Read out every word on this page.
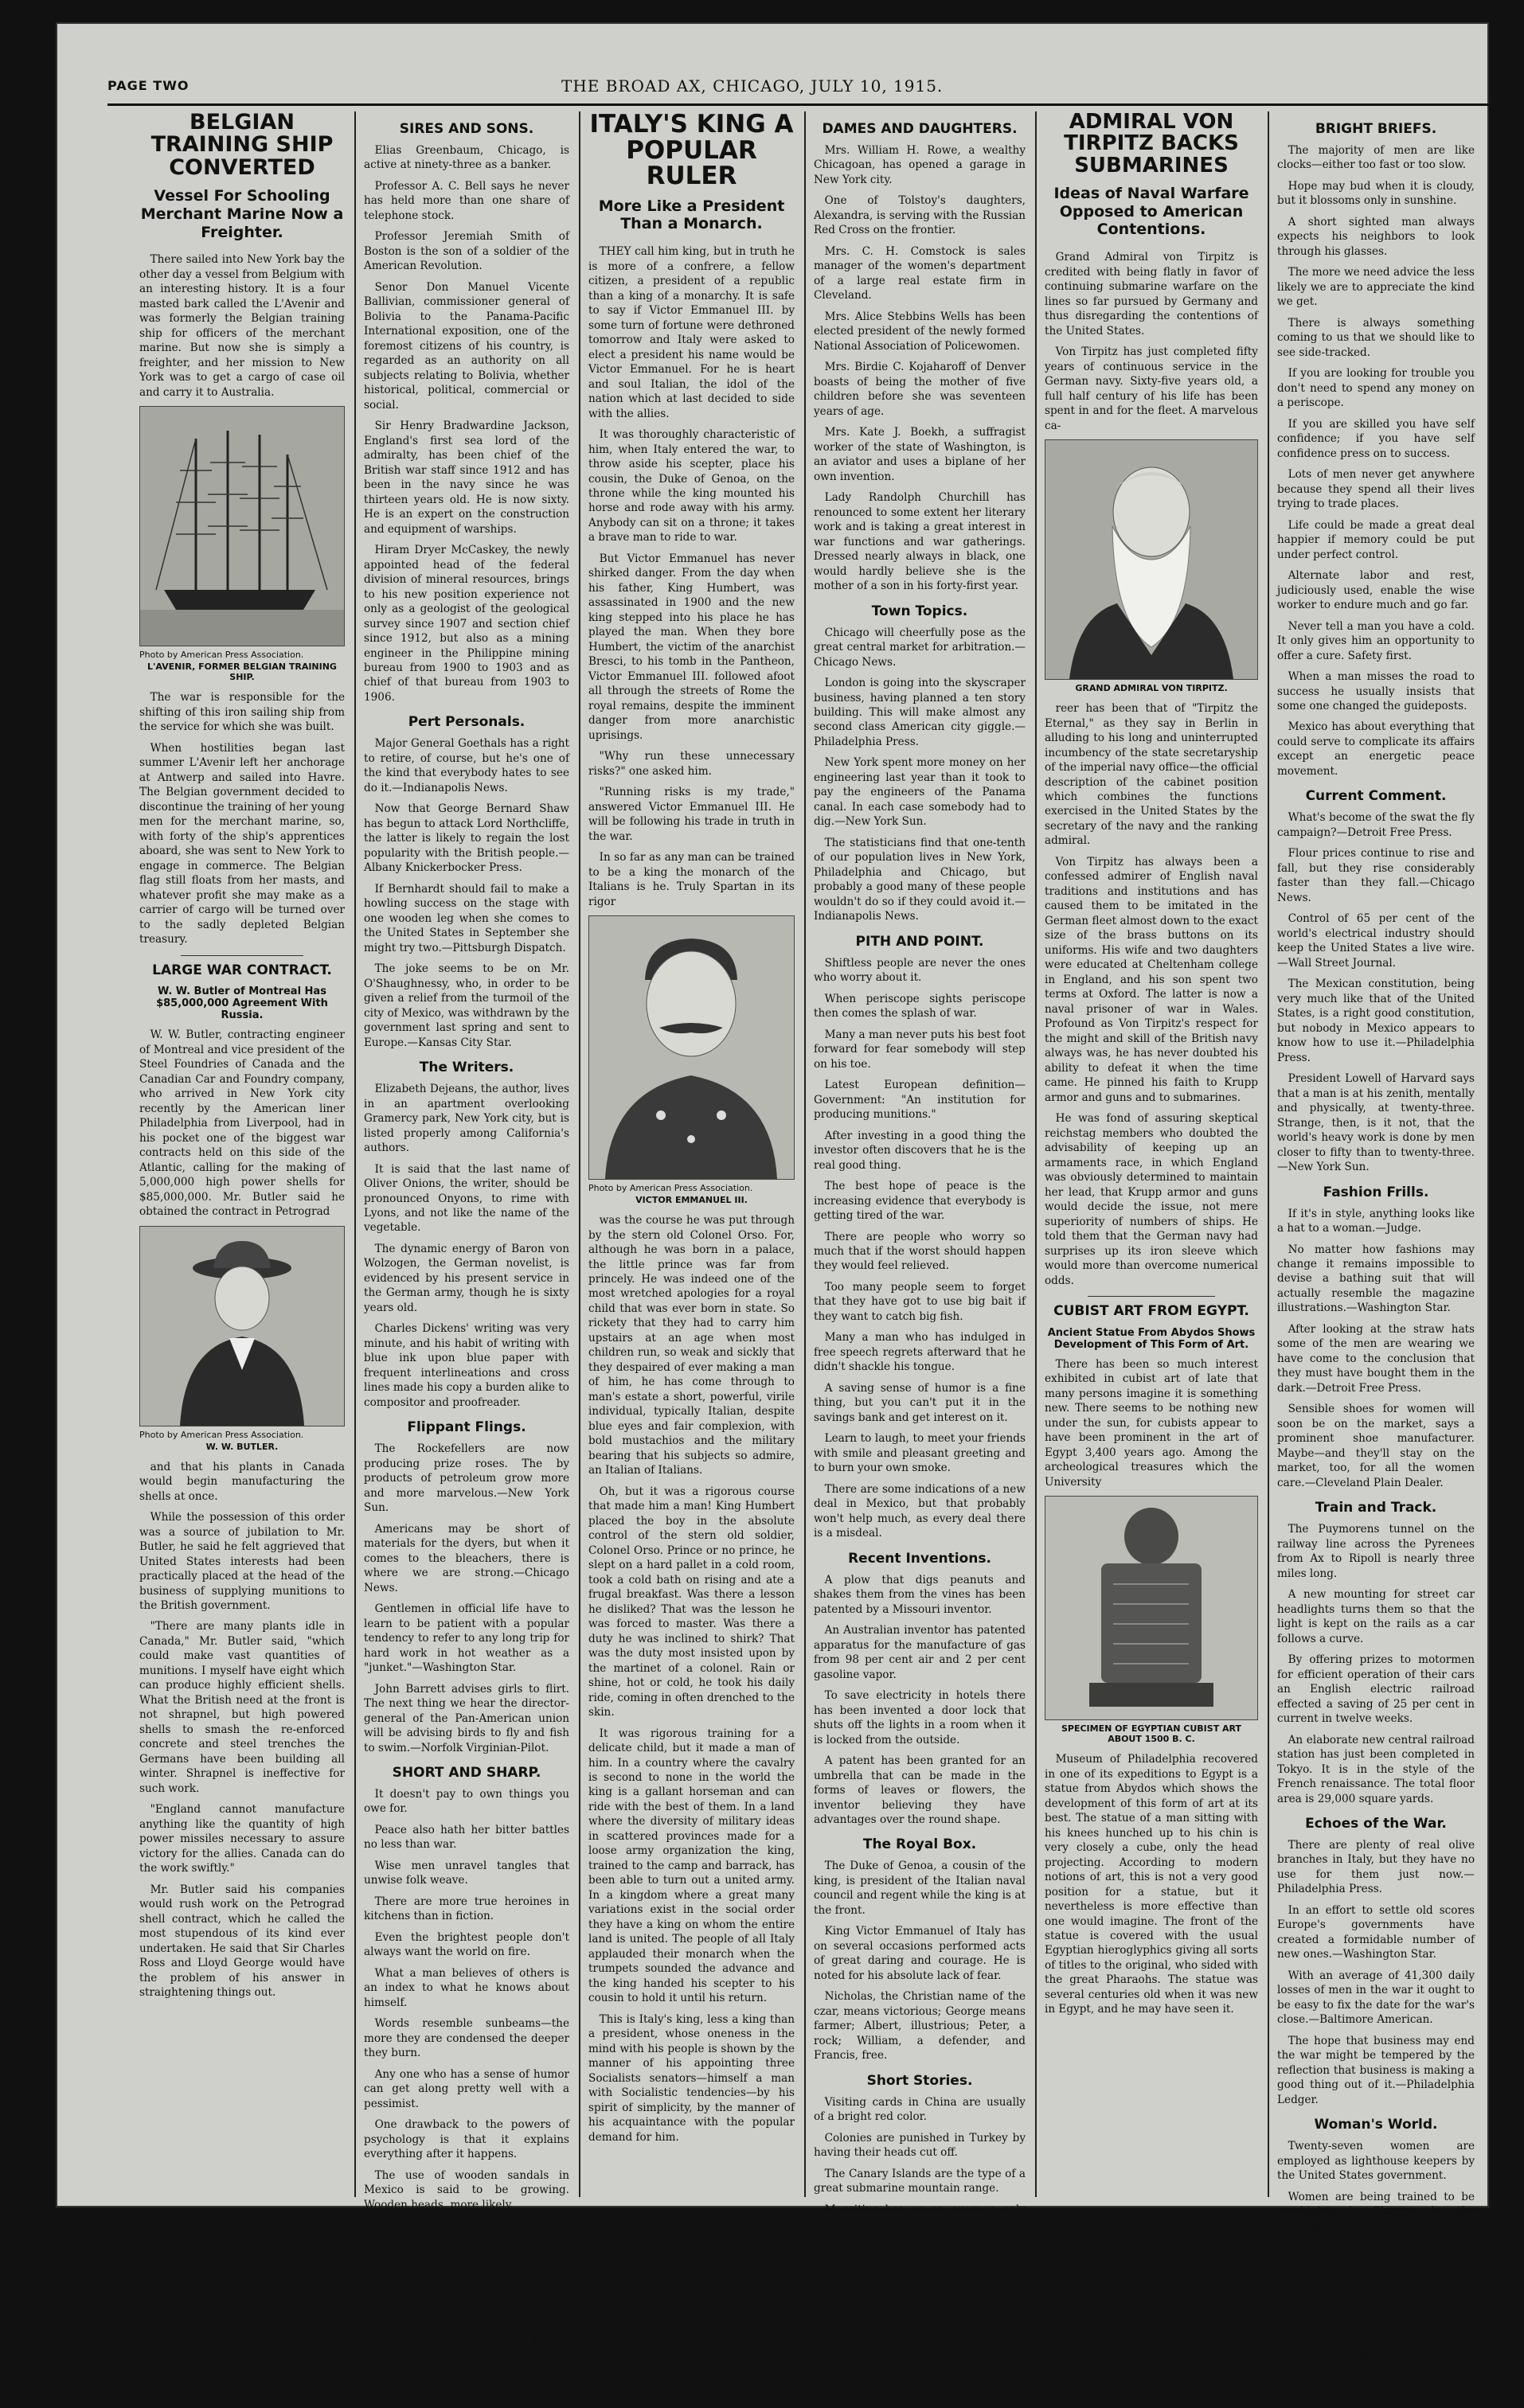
PAGE TWO	THE BROAD AX, CHICAGO, JULY 10, 1915.
BELGIAN TRAINING SHIP CONVERTED
Vessel For Schooling Merchant Marine Now a Freighter.

There sailed into New York bay the other day a vessel from Belgium with an interesting history. It is a four masted bark called the L'Avenir and was formerly the Belgian training ship for officers of the merchant marine. But now she is simply a freighter, and her mission to New York was to get a cargo of case oil and carry it to Australia.

Photo by American Press Association.
L'AVENIR, FORMER BELGIAN TRAINING SHIP.

The war is responsible for the shifting of this iron sailing ship from the service for which she was built.

When hostilities began last summer L'Avenir left her anchorage at Antwerp and sailed into Havre. The Belgian government decided to discontinue the training of her young men for the merchant marine, so, with forty of the ship's apprentices aboard, she was sent to New York to engage in commerce. The Belgian flag still floats from her masts, and whatever profit she may make as a carrier of cargo will be turned over to the sadly depleted Belgian treasury.

LARGE WAR CONTRACT.
W. W. Butler of Montreal Has $85,000,000 Agreement With Russia.

W. W. Butler, contracting engineer of Montreal and vice president of the Steel Foundries of Canada and the Canadian Car and Foundry company, who arrived in New York city recently by the American liner Philadelphia from Liverpool, had in his pocket one of the biggest war contracts held on this side of the Atlantic, calling for the making of 5,000,000 high power shells for $85,000,000. Mr. Butler said he obtained the contract in Petrograd

Photo by American Press Association.
W. W. BUTLER.

and that his plants in Canada would begin manufacturing the shells at once.

While the possession of this order was a source of jubilation to Mr. Butler, he said he felt aggrieved that United States interests had been practically placed at the head of the business of supplying munitions to the British government.

"There are many plants idle in Canada," Mr. Butler said, "which could make vast quantities of munitions. I myself have eight which can produce highly efficient shells. What the British need at the front is not shrapnel, but high powered shells to smash the re-enforced concrete and steel trenches the Germans have been building all winter. Shrapnel is ineffective for such work.

"England cannot manufacture anything like the quantity of high power missiles necessary to assure victory for the allies. Canada can do the work swiftly."

Mr. Butler said his companies would rush work on the Petrograd shell contract, which he called the most stupendous of its kind ever undertaken. He said that Sir Charles Ross and Lloyd George would have the problem of his answer in straightening things out.

SIRES AND SONS.

Elias Greenbaum, Chicago, is active at ninety-three as a banker.

Professor A. C. Bell says he never has held more than one share of telephone stock.

Professor Jeremiah Smith of Boston is the son of a soldier of the American Revolution.

Senor Don Manuel Vicente Ballivian, commissioner general of Bolivia to the Panama-Pacific International exposition, one of the foremost citizens of his country, is regarded as an authority on all subjects relating to Bolivia, whether historical, political, commercial or social.

Sir Henry Bradwardine Jackson, England's first sea lord of the admiralty, has been chief of the British war staff since 1912 and has been in the navy since he was thirteen years old. He is now sixty. He is an expert on the construction and equipment of warships.

Hiram Dryer McCaskey, the newly appointed head of the federal division of mineral resources, brings to his new position experience not only as a geologist of the geological survey since 1907 and section chief since 1912, but also as a mining engineer in the Philippine mining bureau from 1900 to 1903 and as chief of that bureau from 1903 to 1906.

Pert Personals.

Major General Goethals has a right to retire, of course, but he's one of the kind that everybody hates to see do it.—Indianapolis News.

Now that George Bernard Shaw has begun to attack Lord Northcliffe, the latter is likely to regain the lost popularity with the British people.—Albany Knickerbocker Press.

If Bernhardt should fail to make a howling success on the stage with one wooden leg when she comes to the United States in September she might try two.—Pittsburgh Dispatch.

The joke seems to be on Mr. O'Shaughnessy, who, in order to be given a relief from the turmoil of the city of Mexico, was withdrawn by the government last spring and sent to Europe.—Kansas City Star.

The Writers.

Elizabeth Dejeans, the author, lives in an apartment overlooking Gramercy park, New York city, but is listed properly among California's authors.

It is said that the last name of Oliver Onions, the writer, should be pronounced Onyons, to rime with Lyons, and not like the name of the vegetable.

The dynamic energy of Baron von Wolzogen, the German novelist, is evidenced by his present service in the German army, though he is sixty years old.

Charles Dickens' writing was very minute, and his habit of writing with blue ink upon blue paper with frequent interlineations and cross lines made his copy a burden alike to compositor and proofreader.

Flippant Flings.

The Rockefellers are now producing prize roses. The by products of petroleum grow more and more marvelous.—New York Sun.

Americans may be short of materials for the dyers, but when it comes to the bleachers, there is where we are strong.—Chicago News.

Gentlemen in official life have to learn to be patient with a popular tendency to refer to any long trip for hard work in hot weather as a "junket."—Washington Star.

John Barrett advises girls to flirt. The next thing we hear the director-general of the Pan-American union will be advising birds to fly and fish to swim.—Norfolk Virginian-Pilot.

SHORT AND SHARP.

It doesn't pay to own things you owe for.

Peace also hath her bitter battles no less than war.

Wise men unravel tangles that unwise folk weave.

There are more true heroines in kitchens than in fiction.

Even the brightest people don't always want the world on fire.

What a man believes of others is an index to what he knows about himself.

Words resemble sunbeams—the more they are condensed the deeper they burn.

Any one who has a sense of humor can get along pretty well with a pessimist.

One drawback to the powers of psychology is that it explains everything after it happens.

The use of wooden sandals in Mexico is said to be growing. Wooden heads, more likely.

Elocution may be a good thing, but it doesn't go far enough. It merely teaches us how to speak, not when.

If the belligerents fight themselves to the point of exhaustion the folly of war will be effectively demonstrated.

Switzerland also protests against the war's being allowed to disturb business. It needs the money just as badly as we do, and maybe worse.

ITALY'S KING A POPULAR RULER
More Like a President Than a Monarch.

THEY call him king, but in truth he is more of a confrere, a fellow citizen, a president of a republic than a king of a monarchy. It is safe to say if Victor Emmanuel III. by some turn of fortune were dethroned tomorrow and Italy were asked to elect a president his name would be Victor Emmanuel. For he is heart and soul Italian, the idol of the nation which at last decided to side with the allies.

It was thoroughly characteristic of him, when Italy entered the war, to throw aside his scepter, place his cousin, the Duke of Genoa, on the throne while the king mounted his horse and rode away with his army. Anybody can sit on a throne; it takes a brave man to ride to war.

But Victor Emmanuel has never shirked danger. From the day when his father, King Humbert, was assassinated in 1900 and the new king stepped into his place he has played the man. When they bore Humbert, the victim of the anarchist Bresci, to his tomb in the Pantheon, Victor Emmanuel III. followed afoot all through the streets of Rome the royal remains, despite the imminent danger from more anarchistic uprisings.

"Why run these unnecessary risks?" one asked him.

"Running risks is my trade," answered Victor Emmanuel III. He will be following his trade in truth in the war.

In so far as any man can be trained to be a king the monarch of the Italians is he. Truly Spartan in its rigor

Photo by American Press Association.
VICTOR EMMANUEL III.

was the course he was put through by the stern old Colonel Orso. For, although he was born in a palace, the little prince was far from princely. He was indeed one of the most wretched apologies for a royal child that was ever born in state. So rickety that they had to carry him upstairs at an age when most children run, so weak and sickly that they despaired of ever making a man of him, he has come through to man's estate a short, powerful, virile individual, typically Italian, despite blue eyes and fair complexion, with bold mustachios and the military bearing that his subjects so admire, an Italian of Italians.

Oh, but it was a rigorous course that made him a man! King Humbert placed the boy in the absolute control of the stern old soldier, Colonel Orso. Prince or no prince, he slept on a hard pallet in a cold room, took a cold bath on rising and ate a frugal breakfast. Was there a lesson he disliked? That was the lesson he was forced to master. Was there a duty he was inclined to shirk? That was the duty most insisted upon by the martinet of a colonel. Rain or shine, hot or cold, he took his daily ride, coming in often drenched to the skin.

It was rigorous training for a delicate child, but it made a man of him. In a country where the cavalry is second to none in the world the king is a gallant horseman and can ride with the best of them. In a land where the diversity of military ideas in scattered provinces made for a loose army organization the king, trained to the camp and barrack, has been able to turn out a united army. In a kingdom where a great many variations exist in the social order they have a king on whom the entire land is united. The people of all Italy applauded their monarch when the trumpets sounded the advance and the king handed his scepter to his cousin to hold it until his return.

This is Italy's king, less a king than a president, whose oneness in the mind with his people is shown by the manner of his appointing three Socialists senators—himself a man with Socialistic tendencies—by his spirit of simplicity, by the manner of his acquaintance with the popular demand for him.

DAMES AND DAUGHTERS.

Mrs. William H. Rowe, a wealthy Chicagoan, has opened a garage in New York city.

One of Tolstoy's daughters, Alexandra, is serving with the Russian Red Cross on the frontier.

Mrs. C. H. Comstock is sales manager of the women's department of a large real estate firm in Cleveland.

Mrs. Alice Stebbins Wells has been elected president of the newly formed National Association of Policewomen.

Mrs. Birdie C. Kojaharoff of Denver boasts of being the mother of five children before she was seventeen years of age.

Mrs. Kate J. Boekh, a suffragist worker of the state of Washington, is an aviator and uses a biplane of her own invention.

Lady Randolph Churchill has renounced to some extent her literary work and is taking a great interest in war functions and war gatherings. Dressed nearly always in black, one would hardly believe she is the mother of a son in his forty-first year.

Town Topics.

Chicago will cheerfully pose as the great central market for arbitration.—Chicago News.

London is going into the skyscraper business, having planned a ten story building. This will make almost any second class American city giggle.—Philadelphia Press.

New York spent more money on her engineering last year than it took to pay the engineers of the Panama canal. In each case somebody had to dig.—New York Sun.

The statisticians find that one-tenth of our population lives in New York, Philadelphia and Chicago, but probably a good many of these people wouldn't do so if they could avoid it.—Indianapolis News.

PITH AND POINT.

Shiftless people are never the ones who worry about it.

When periscope sights periscope then comes the splash of war.

Many a man never puts his best foot forward for fear somebody will step on his toe.

Latest European definition—Government: "An institution for producing munitions."

After investing in a good thing the investor often discovers that he is the real good thing.

The best hope of peace is the increasing evidence that everybody is getting tired of the war.

There are people who worry so much that if the worst should happen they would feel relieved.

Too many people seem to forget that they have got to use big bait if they want to catch big fish.

Many a man who has indulged in free speech regrets afterward that he didn't shackle his tongue.

A saving sense of humor is a fine thing, but you can't put it in the savings bank and get interest on it.

Learn to laugh, to meet your friends with smile and pleasant greeting and to burn your own smoke.

There are some indications of a new deal in Mexico, but that probably won't help much, as every deal there is a misdeal.

Recent Inventions.

A plow that digs peanuts and shakes them from the vines has been patented by a Missouri inventor.

An Australian inventor has patented apparatus for the manufacture of gas from 98 per cent air and 2 per cent gasoline vapor.

To save electricity in hotels there has been invented a door lock that shuts off the lights in a room when it is locked from the outside.

A patent has been granted for an umbrella that can be made in the forms of leaves or flowers, the inventor believing they have advantages over the round shape.

The Royal Box.

The Duke of Genoa, a cousin of the king, is president of the Italian naval council and regent while the king is at the front.

King Victor Emmanuel of Italy has on several occasions performed acts of great daring and courage. He is noted for his absolute lack of fear.

Nicholas, the Christian name of the czar, means victorious; George means farmer; Albert, illustrious; Peter, a rock; William, a defender, and Francis, free.

Short Stories.

Visiting cards in China are usually of a bright red color.

Colonies are punished in Turkey by having their heads cut off.

The Canary Islands are the type of a great submarine mountain range.

Mauritius has on an average only one thunderstorm every eighty years.

Italy's principal colonies are Eritrea, on the Red sea; Italian Somaliland, in northeast Africa, and Tripoli, which was formally annexed by Italy in 1911.

ADMIRAL VON TIRPITZ BACKS SUBMARINES
Ideas of Naval Warfare Opposed to American Contentions.

Grand Admiral von Tirpitz is credited with being flatly in favor of continuing submarine warfare on the lines so far pursued by Germany and thus disregarding the contentions of the United States.

Von Tirpitz has just completed fifty years of continuous service in the German navy. Sixty-five years old, a full half century of his life has been spent in and for the fleet. A marvelous ca-

GRAND ADMIRAL VON TIRPITZ.

reer has been that of "Tirpitz the Eternal," as they say in Berlin in alluding to his long and uninterrupted incumbency of the state secretaryship of the imperial navy office—the official description of the cabinet position which combines the functions exercised in the United States by the secretary of the navy and the ranking admiral.

Von Tirpitz has always been a confessed admirer of English naval traditions and institutions and has caused them to be imitated in the German fleet almost down to the exact size of the brass buttons on its uniforms. His wife and two daughters were educated at Cheltenham college in England, and his son spent two terms at Oxford. The latter is now a naval prisoner of war in Wales. Profound as Von Tirpitz's respect for the might and skill of the British navy always was, he has never doubted his ability to defeat it when the time came. He pinned his faith to Krupp armor and guns and to submarines.

He was fond of assuring skeptical reichstag members who doubted the advisability of keeping up an armaments race, in which England was obviously determined to maintain her lead, that Krupp armor and guns would decide the issue, not mere superiority of numbers of ships. He told them that the German navy had surprises up its iron sleeve which would more than overcome numerical odds.

CUBIST ART FROM EGYPT.
Ancient Statue From Abydos Shows Development of This Form of Art.

There has been so much interest exhibited in cubist art of late that many persons imagine it is something new. There seems to be nothing new under the sun, for cubists appear to have been prominent in the art of Egypt 3,400 years ago. Among the archeological treasures which the University

SPECIMEN OF EGYPTIAN CUBIST ART ABOUT 1500 B. C.

Museum of Philadelphia recovered in one of its expeditions to Egypt is a statue from Abydos which shows the development of this form of art at its best. The statue of a man sitting with his knees hunched up to his chin is very closely a cube, only the head projecting. According to modern notions of art, this is not a very good position for a statue, but it nevertheless is more effective than one would imagine. The front of the statue is covered with the usual Egyptian hieroglyphics giving all sorts of titles to the original, who sided with the great Pharaohs. The statue was several centuries old when it was new in Egypt, and he may have seen it.

BRIGHT BRIEFS.

The majority of men are like clocks—either too fast or too slow.

Hope may bud when it is cloudy, but it blossoms only in sunshine.

A short sighted man always expects his neighbors to look through his glasses.

The more we need advice the less likely we are to appreciate the kind we get.

There is always something coming to us that we should like to see side-tracked.

If you are looking for trouble you don't need to spend any money on a periscope.

If you are skilled you have self confidence; if you have self confidence press on to success.

Lots of men never get anywhere because they spend all their lives trying to trade places.

Life could be made a great deal happier if memory could be put under perfect control.

Alternate labor and rest, judiciously used, enable the wise worker to endure much and go far.

Never tell a man you have a cold. It only gives him an opportunity to offer a cure. Safety first.

When a man misses the road to success he usually insists that some one changed the guideposts.

Mexico has about everything that could serve to complicate its affairs except an energetic peace movement.

Current Comment.

What's become of the swat the fly campaign?—Detroit Free Press.

Flour prices continue to rise and fall, but they rise considerably faster than they fall.—Chicago News.

Control of 65 per cent of the world's electrical industry should keep the United States a live wire.—Wall Street Journal.

The Mexican constitution, being very much like that of the United States, is a right good constitution, but nobody in Mexico appears to know how to use it.—Philadelphia Press.

President Lowell of Harvard says that a man is at his zenith, mentally and physically, at twenty-three. Strange, then, is it not, that the world's heavy work is done by men closer to fifty than to twenty-three.—New York Sun.

Fashion Frills.

If it's in style, anything looks like a hat to a woman.—Judge.

No matter how fashions may change it remains impossible to devise a bathing suit that will actually resemble the magazine illustrations.—Washington Star.

After looking at the straw hats some of the men are wearing we have come to the conclusion that they must have bought them in the dark.—Detroit Free Press.

Sensible shoes for women will soon be on the market, says a prominent shoe manufacturer. Maybe—and they'll stay on the market, too, for all the women care.—Cleveland Plain Dealer.

Train and Track.

The Puymorens tunnel on the railway line across the Pyrenees from Ax to Ripoll is nearly three miles long.

A new mounting for street car headlights turns them so that the light is kept on the rails as a car follows a curve.

By offering prizes to motormen for efficient operation of their cars an English electric railroad effected a saving of 25 per cent in current in twelve weeks.

An elaborate new central railroad station has just been completed in Tokyo. It is in the style of the French renaissance. The total floor area is 29,000 square yards.

Echoes of the War.

There are plenty of real olive branches in Italy, but they have no use for them just now.—Philadelphia Press.

In an effort to settle old scores Europe's governments have created a formidable number of new ones.—Washington Star.

With an average of 41,300 daily losses of men in the war it ought to be easy to fix the date for the war's close.—Baltimore American.

The hope that business may end the war might be tempered by the reflection that business is making a good thing out of it.—Philadelphia Ledger.

Woman's World.

Twenty-seven women are employed as lighthouse keepers by the United States government.

Women are being trained to be machinists in Glasgow by the municipal authorities, because the men mechanics have gone to war.

There are policewomen now in twenty-five cities in the United States, and three of these cities have departments of public safety for women.

Three women, each the manager of a large office building, hold memberships in the National Association of Building Owners and Managers.
